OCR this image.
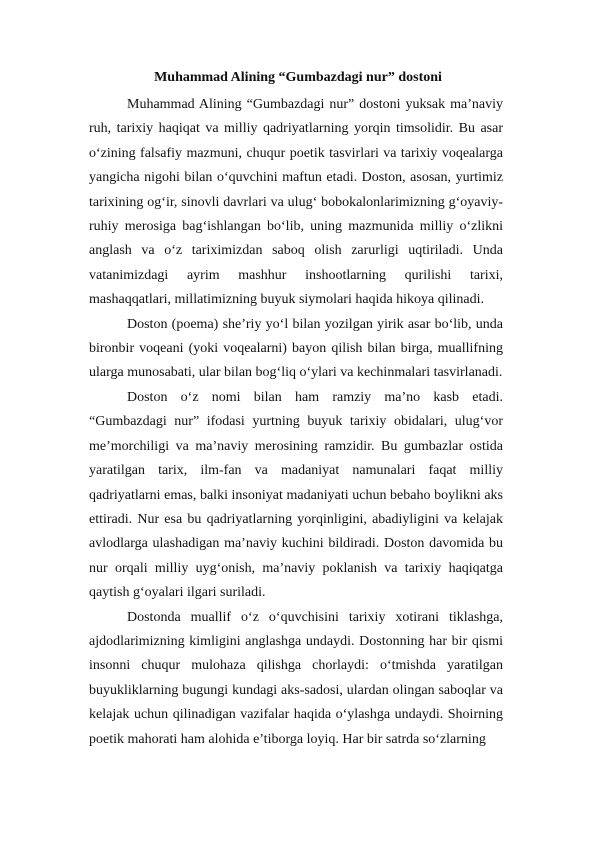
Muhammad Alining “Gumbazdagi nur” dostoni

Muhammad Alining “Gumbazdagi nur” dostoni yuksak ma’naviy ruh, tarixiy haqiqat va milliy qadriyatlarning yorqin timsolidir. Bu asar o‘zining falsafiy mazmuni, chuqur poetik tasvirlari va tarixiy voqealarga yangicha nigohi bilan o‘quvchini maftun etadi. Doston, asosan, yurtimiz tarixining og‘ir, sinovli davrlari va ulug‘ bobokalonlarimizning g‘oyaviy-ruhiy merosiga bag‘ishlangan bo‘lib, uning mazmunida milliy o‘zlikni anglash va o‘z tariximizdan saboq olish zarurligi uqtiriladi. Unda vatanimizdagi ayrim mashhur inshootlarning qurilishi tarixi, mashaqqatlari, millatimizning buyuk siymolari haqida hikoya qilinadi.

Doston (poema) she’riy yo‘l bilan yozilgan yirik asar bo‘lib, unda bironbir voqeani (yoki voqealarni) bayon qilish bilan birga, muallifning ularga munosabati, ular bilan bog‘liq o‘ylari va kechinmalari tasvirlanadi.

Doston o‘z nomi bilan ham ramziy ma’no kasb etadi. “Gumbazdagi nur” ifodasi yurtning buyuk tarixiy obidalari, ulug‘vor me’morchiligi va ma’naviy merosining ramzidir. Bu gumbazlar ostida yaratilgan tarix, ilm-fan va madaniyat namunalari faqat milliy qadriyatlarni emas, balki insoniyat madaniyati uchun bebaho boylikni aks ettiradi. Nur esa bu qadriyatlarning yorqinligini, abadiyligini va kelajak avlodlarga ulashadigan ma’naviy kuchini bildiradi. Doston davomida bu nur orqali milliy uyg‘onish, ma’naviy poklanish va tarixiy haqiqatga qaytish g‘oyalari ilgari suriladi.

Dostonda muallif o‘z o‘quvchisini tarixiy xotirani tiklashga, ajdodlarimizning kimligini anglashga undaydi. Dostonning har bir qismi insonni chuqur mulohaza qilishga chorlaydi: o‘tmishda yaratilgan buyukliklarning bugungi kundagi aks-sadosi, ulardan olingan saboqlar va kelajak uchun qilinadigan vazifalar haqida o‘ylashga undaydi. Shoirning poetik mahorati ham alohida e’tiborga loyiq. Har bir satrda so‘zlarning
